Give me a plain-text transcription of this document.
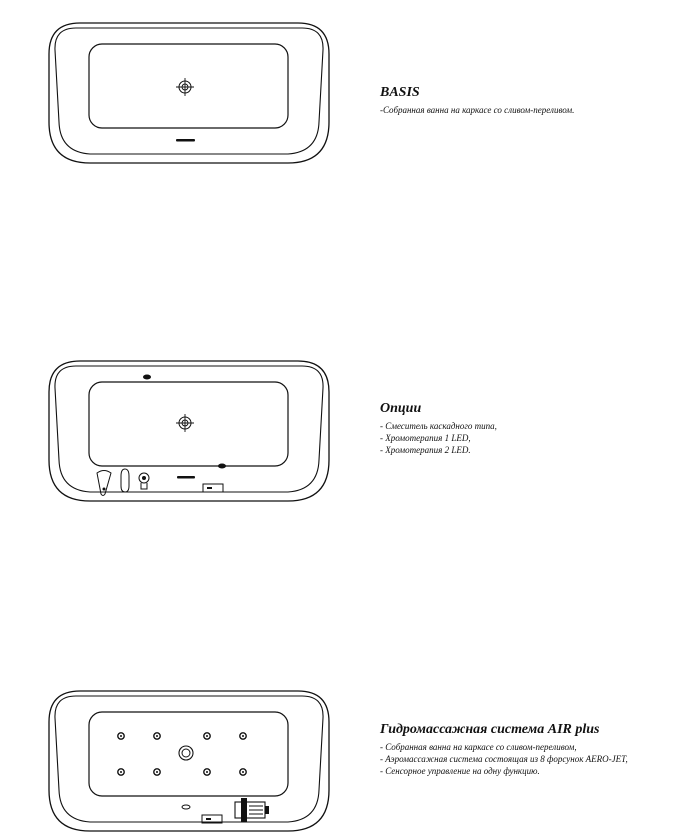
BASIS
-Собранная ванна на каркасе со сливом-переливом.
Опции
- Смеситель каскадного типа,
- Хромотерапия 1 LED,
- Хромотерапия 2 LED.
Гидромассажная система AIR plus
- Собранная ванна на каркасе со сливом-переливом,
- Аэромассажная система состоящая из 8 форсунок AERO-JET,
- Сенсорное управление на одну функцию.
